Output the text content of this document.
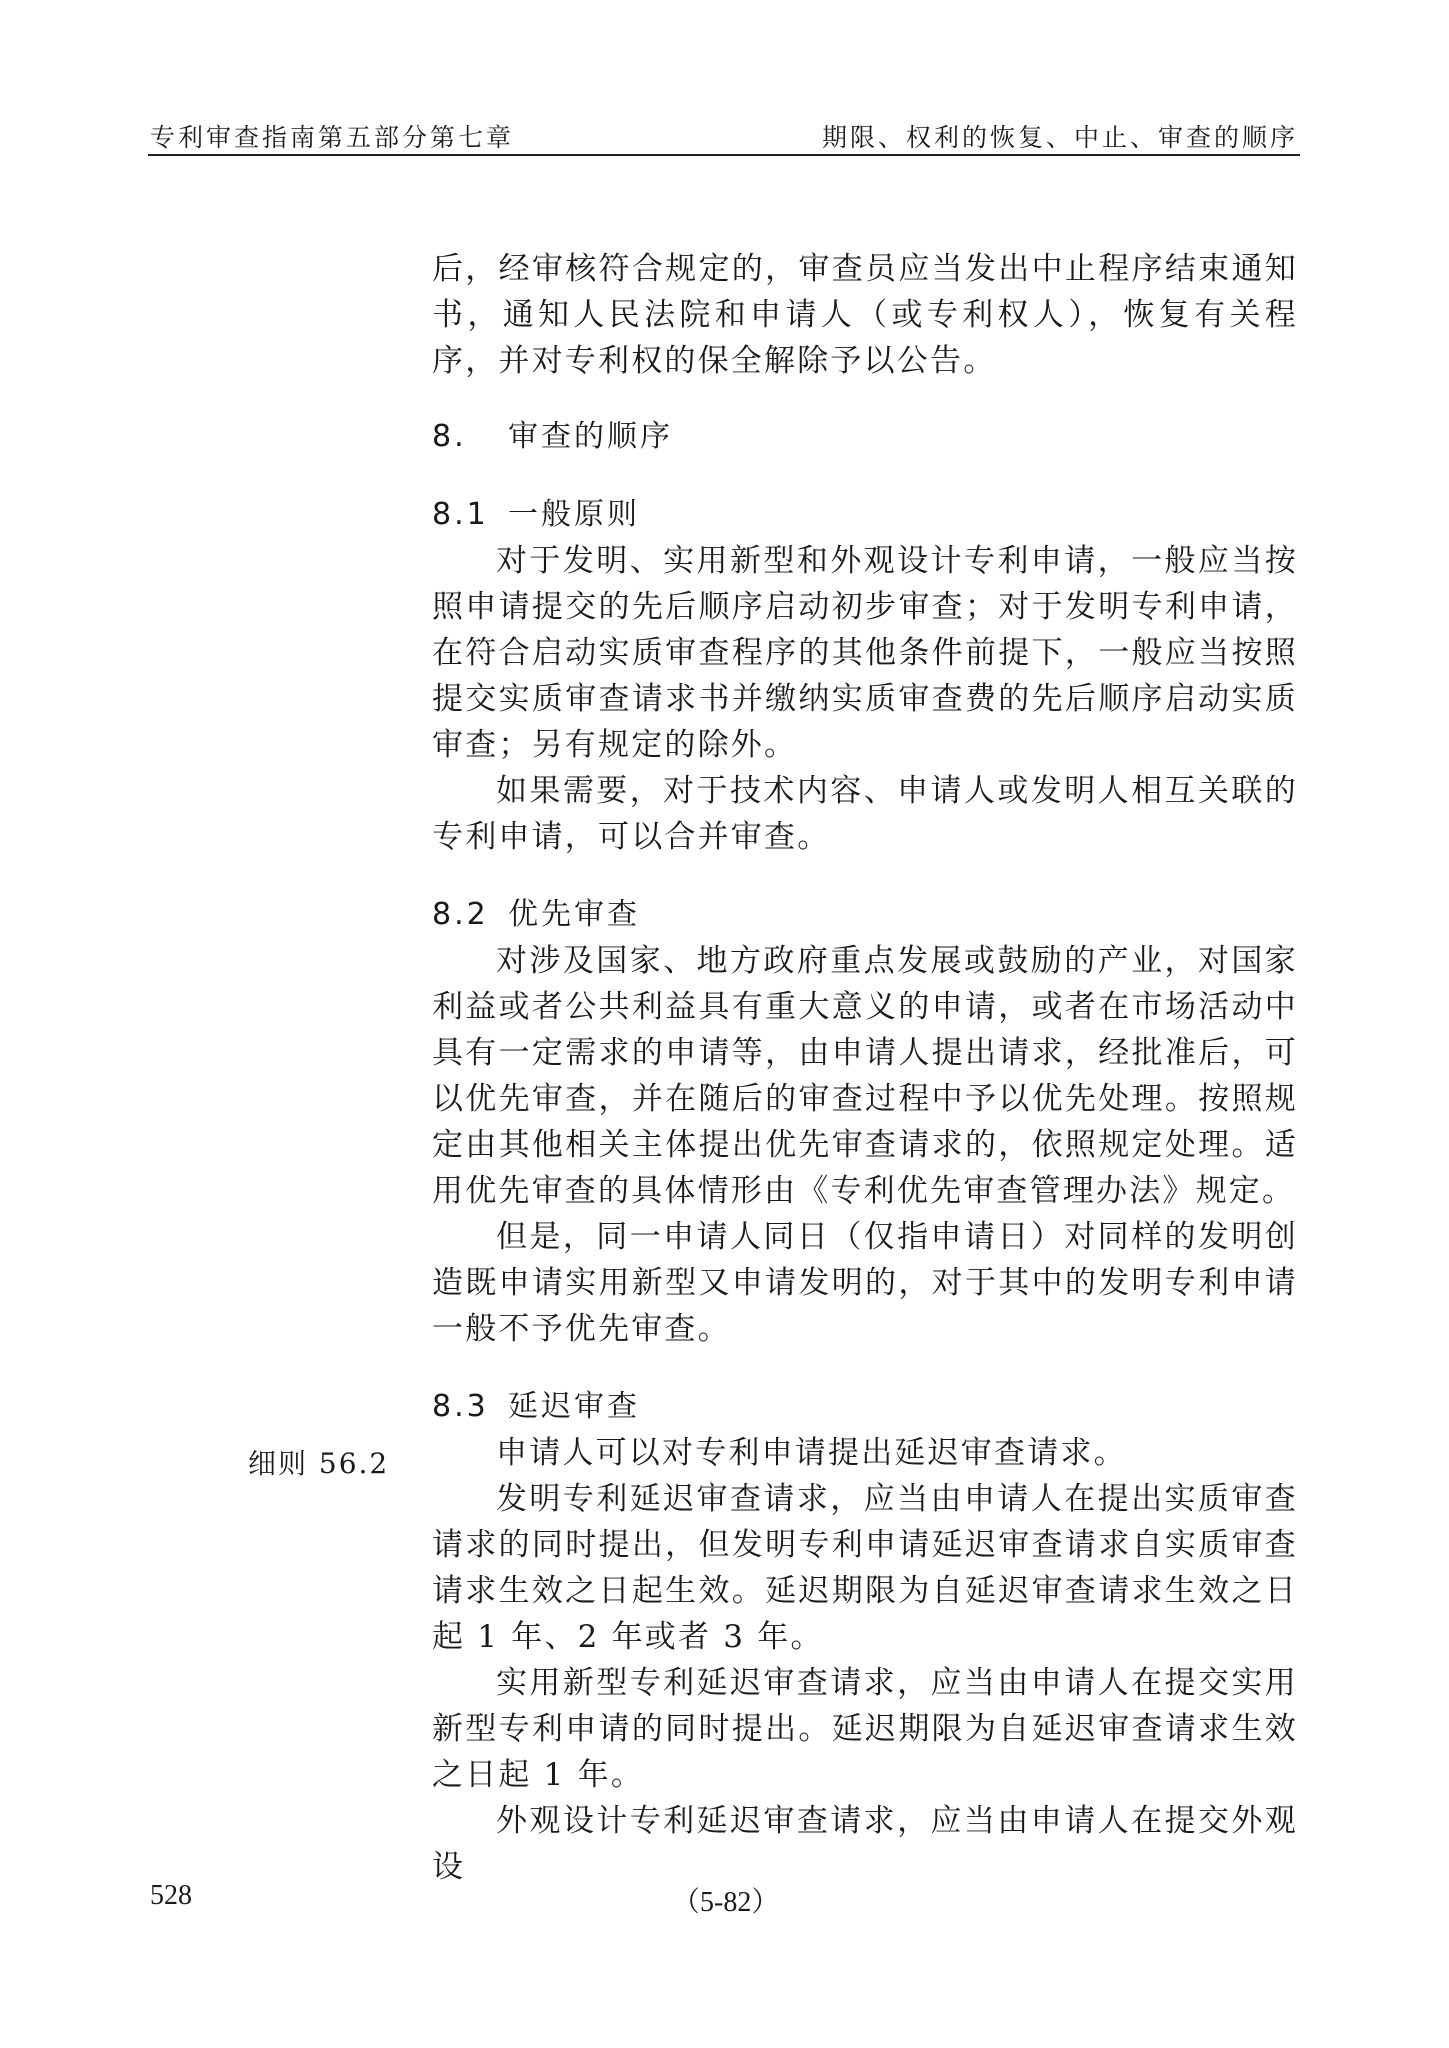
专利审查指南第五部分第七章	期限、权利的恢复、中止、审查的顺序

后，经审核符合规定的，审查员应当发出中止程序结束通知书，通知人民法院和申请人（或专利权人），恢复有关程序，并对专利权的保全解除予以公告。

8. 审查的顺序

8.1 一般原则

对于发明、实用新型和外观设计专利申请，一般应当按照申请提交的先后顺序启动初步审查；对于发明专利申请，在符合启动实质审查程序的其他条件前提下，一般应当按照提交实质审查请求书并缴纳实质审查费的先后顺序启动实质审查；另有规定的除外。

如果需要，对于技术内容、申请人或发明人相互关联的专利申请，可以合并审查。

8.2 优先审查

对涉及国家、地方政府重点发展或鼓励的产业，对国家利益或者公共利益具有重大意义的申请，或者在市场活动中具有一定需求的申请等，由申请人提出请求，经批准后，可以优先审查，并在随后的审查过程中予以优先处理。按照规定由其他相关主体提出优先审查请求的，依照规定处理。适用优先审查的具体情形由《专利优先审查管理办法》规定。

但是，同一申请人同日（仅指申请日）对同样的发明创造既申请实用新型又申请发明的，对于其中的发明专利申请一般不予优先审查。

8.3 延迟审查

申请人可以对专利申请提出延迟审查请求。

发明专利延迟审查请求，应当由申请人在提出实质审查请求的同时提出，但发明专利申请延迟审查请求自实质审查请求生效之日起生效。延迟期限为自延迟审查请求生效之日起 1 年、2 年或者 3 年。

实用新型专利延迟审查请求，应当由申请人在提交实用新型专利申请的同时提出。延迟期限为自延迟审查请求生效之日起 1 年。

外观设计专利延迟审查请求，应当由申请人在提交外观设

细则 56.2
528	（5-82）
